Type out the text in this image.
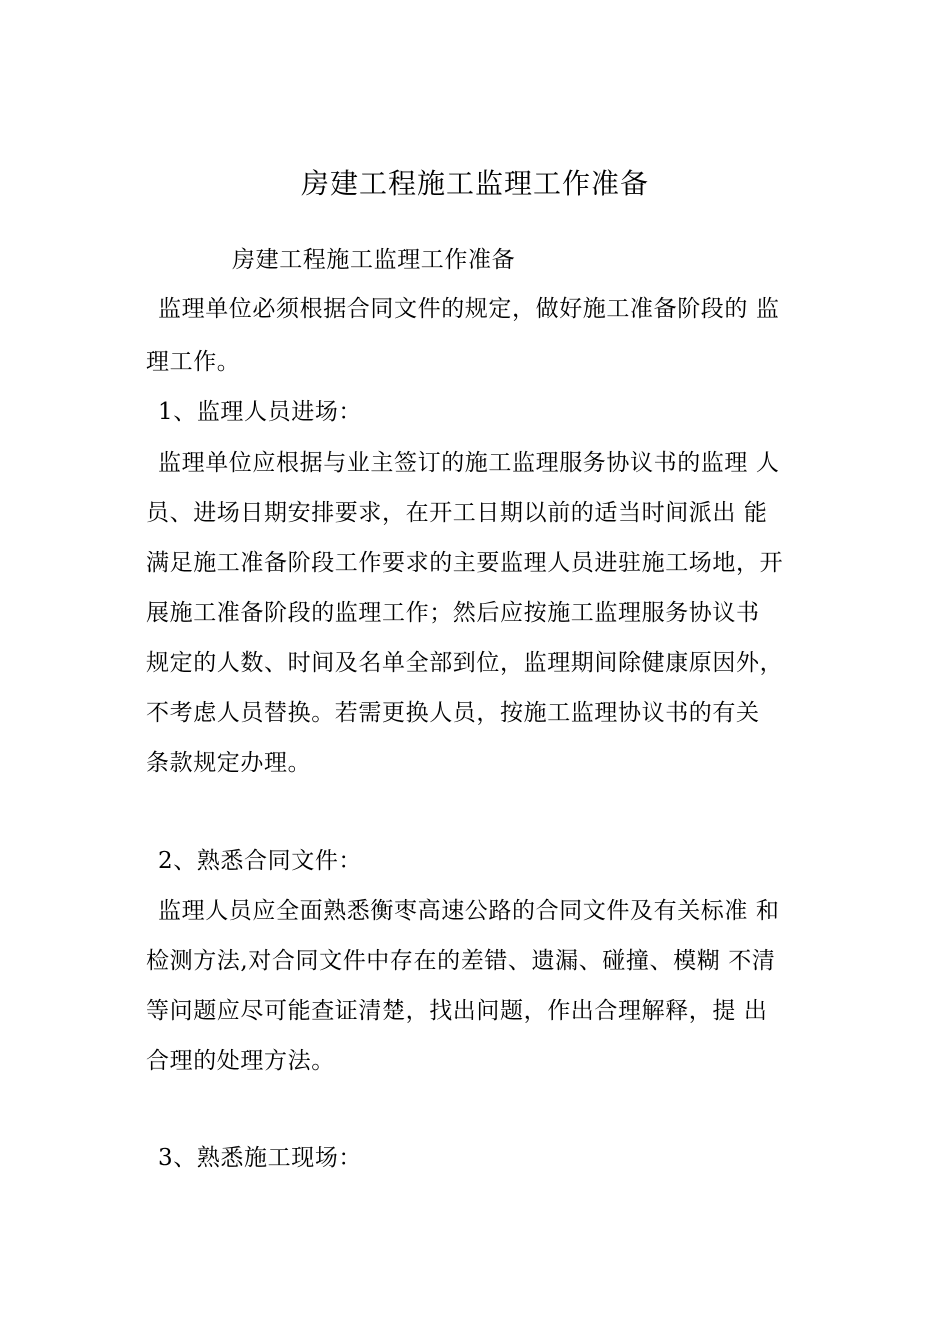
房建工程施工监理工作准备

房建工程施工监理工作准备

监理单位必须根据合同文件的规定，做好施工准备阶段的 监

理工作。

1、监理人员进场：

监理单位应根据与业主签订的施工监理服务协议书的监理 人

员、进场日期安排要求，在开工日期以前的适当时间派出 能

满足施工准备阶段工作要求的主要监理人员进驻施工场地，开

展施工准备阶段的监理工作；然后应按施工监理服务协议书

规定的人数、时间及名单全部到位，监理期间除健康原因外，

不考虑人员替换。若需更换人员，按施工监理协议书的有关

条款规定办理。

2、熟悉合同文件：

监理人员应全面熟悉衡枣高速公路的合同文件及有关标准 和

检测方法,对合同文件中存在的差错、遗漏、碰撞、模糊 不清

等问题应尽可能查证清楚，找出问题，作出合理解释，提 出

合理的处理方法。

3、熟悉施工现场：
